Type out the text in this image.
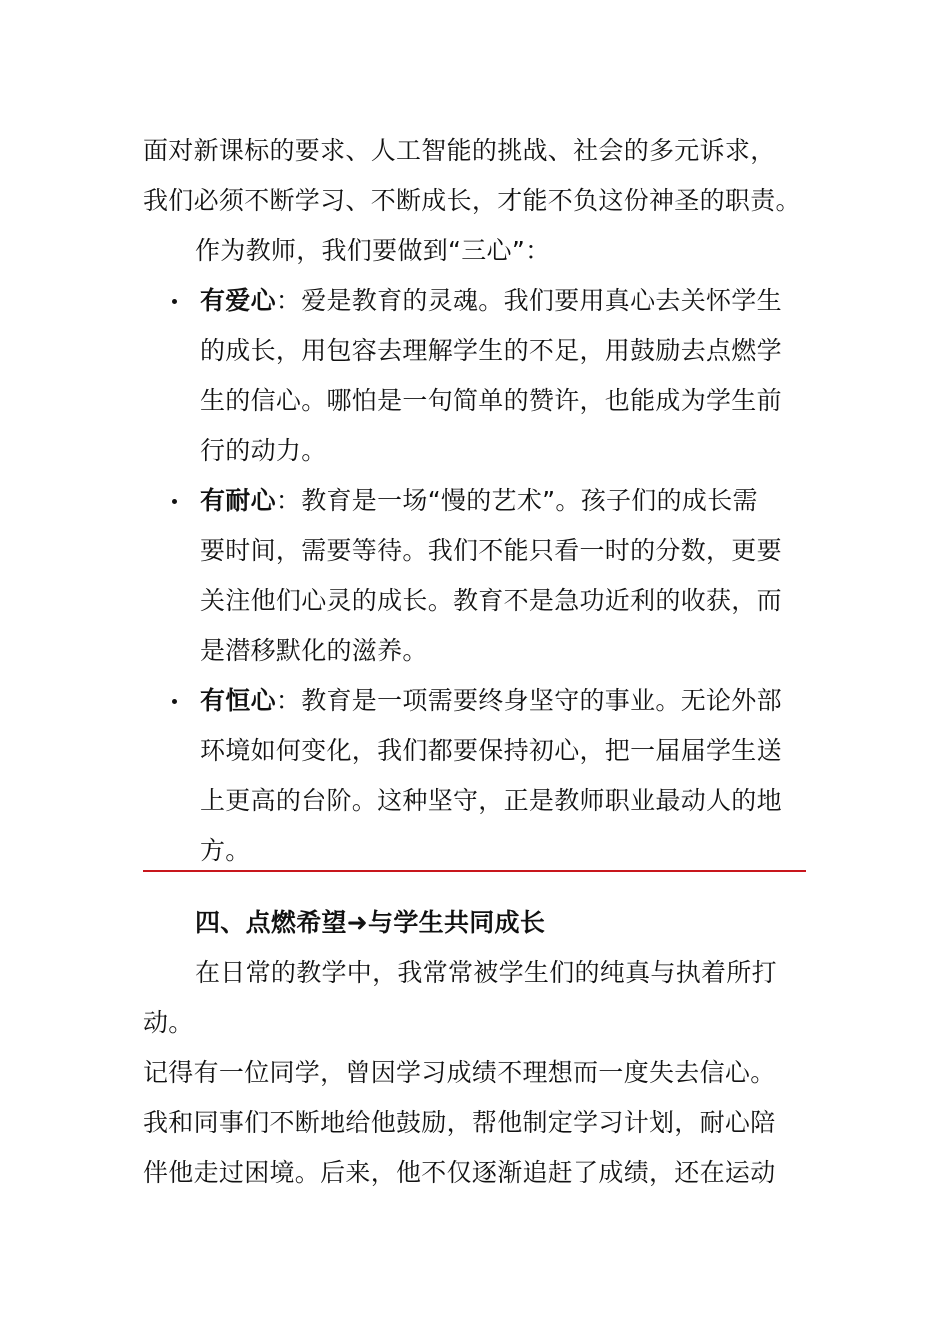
面对新课标的要求、人工智能的挑战、社会的多元诉求，
我们必须不断学习、不断成长，才能不负这份神圣的职责。
作为教师，我们要做到“三心”：
有爱心：爱是教育的灵魂。我们要用真心去关怀学生
的成长，用包容去理解学生的不足，用鼓励去点燃学
生的信心。哪怕是一句简单的赞许，也能成为学生前
行的动力。
有耐心：教育是一场“慢的艺术”。孩子们的成长需
要时间，需要等待。我们不能只看一时的分数，更要
关注他们心灵的成长。教育不是急功近利的收获，而
是潜移默化的滋养。
有恒心：教育是一项需要终身坚守的事业。无论外部
环境如何变化，我们都要保持初心，把一届届学生送
上更高的台阶。这种坚守，正是教师职业最动人的地
方。
四、点燃希望➜与学生共同成长
在日常的教学中，我常常被学生们的纯真与执着所打
动。
记得有一位同学，曾因学习成绩不理想而一度失去信心。
我和同事们不断地给他鼓励，帮他制定学习计划，耐心陪
伴他走过困境。后来，他不仅逐渐追赶了成绩，还在运动
